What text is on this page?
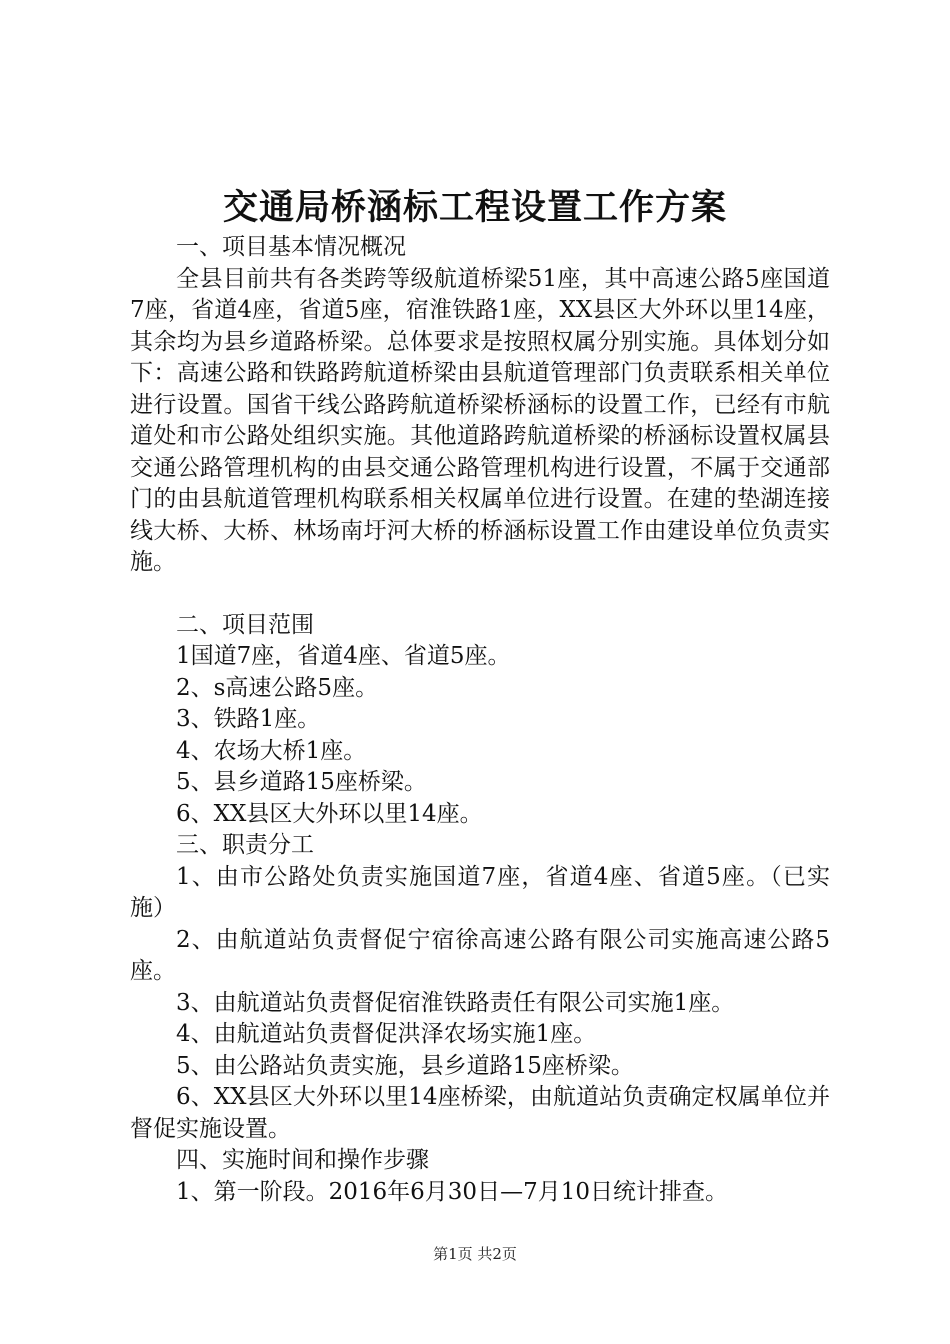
交通局桥涵标工程设置工作方案

一、项目基本情况概况

全县目前共有各类跨等级航道桥梁51座，其中高速公路5座国道7座，省道4座，省道5座，宿淮铁路1座，XX县区大外环以里14座，其余均为县乡道路桥梁。总体要求是按照权属分别实施。具体划分如下：高速公路和铁路跨航道桥梁由县航道管理部门负责联系相关单位进行设置。国省干线公路跨航道桥梁桥涵标的设置工作，已经有市航道处和市公路处组织实施。其他道路跨航道桥梁的桥涵标设置权属县交通公路管理机构的由县交通公路管理机构进行设置，不属于交通部门的由县航道管理机构联系相关权属单位进行设置。在建的垫湖连接线大桥、大桥、林场南圩河大桥的桥涵标设置工作由建设单位负责实施。

二、项目范围

1国道7座，省道4座、省道5座。

2、s高速公路5座。

3、铁路1座。

4、农场大桥1座。

5、县乡道路15座桥梁。

6、XX县区大外环以里14座。

三、职责分工

1、由市公路处负责实施国道7座，省道4座、省道5座。（已实施）

2、由航道站负责督促宁宿徐高速公路有限公司实施高速公路5座。

3、由航道站负责督促宿淮铁路责任有限公司实施1座。

4、由航道站负责督促洪泽农场实施1座。

5、由公路站负责实施，县乡道路15座桥梁。

6、XX县区大外环以里14座桥梁，由航道站负责确定权属单位并督促实施设置。

四、实施时间和操作步骤

1、第一阶段。2016年6月30日—7月10日统计排查。

第1页 共2页
